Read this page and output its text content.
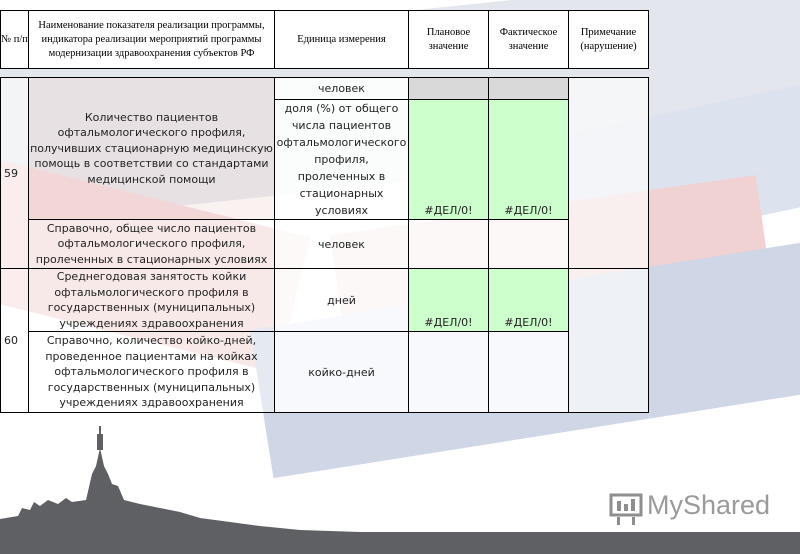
№ п/п	Наименование показателя реализации программы, индикатора реализации мероприятий программы модернизации здравоохранения субъектов РФ	Единица измерения	Плановое значение	Фактическое значение	Примечание (нарушение)
59	Количество пациентов офтальмологического профиля, получивших стационарную медицинскую помощь в соответствии со стандартами медицинской помощи	человек			
		доля (%) от общего числа пациентов офтальмологического профиля, пролеченных в стационарных условиях	#ДЕЛ/0!	#ДЕЛ/0!	
	Справочно, общее число пациентов офтальмологического профиля, пролеченных в стационарных условиях	человек			
60	Среднегодовая занятость койки офтальмологического профиля в государственных (муниципальных) учреждениях здравоохранения	дней	#ДЕЛ/0!	#ДЕЛ/0!	
	Справочно, количество койко-дней, проведенное пациентами на койках офтальмологического профиля в государственных (муниципальных) учреждениях здравоохранения	койко-дней			
MyShared
